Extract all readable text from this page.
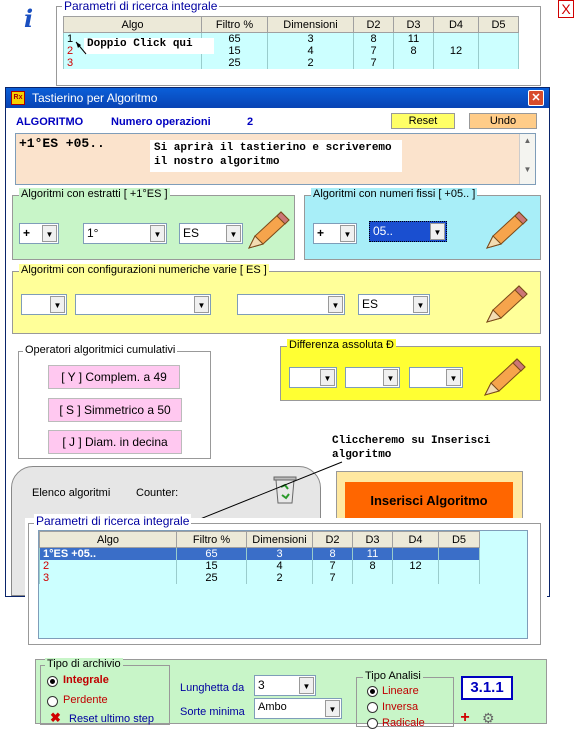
i	X
Parametri di ricerca integrale
Algo	Filtro %	Dimensioni	D2	D3	D4	D5
1	65	3	8	11		
2	15	4	7	8	12	
3	25	2	7			
Doppio Click qui
Rx Tastierino per Algoritmo	✕
ALGORITMO	Numero operazioni	2	Reset	Undo
+1°ES +05..	▲
▼
Si aprirà il tastierino e scriveremo il nostro algoritmo
Algoritmi con estratti [ +1°ES ]
+	▼	1°	▼	ES	▼
Algoritmi con numeri fissi [ +05.. ]
+	▼	05..	▼
Algoritmi con configurazioni numeriche varie [ ES ]
▼	▼	▼	ES	▼
Operatori algoritmici cumulativi
[ Y ] Complem. a 49
[ S ] Simmetrico a 50
[ J ] Diam. in decina
Differenza assoluta Ð
▼	▼	▼
Cliccheremo su Inserisci algoritmo
Elenco algoritmi Counter:	Inserisci Algoritmo
Parametri di ricerca integrale
Algo	Filtro %	Dimensioni	D2	D3	D4	D5
1°ES +05..	65	3	8	11		
2	15	4	7	8	12	
3	25	2	7			
Tipo di archivio
Integrale
Perdente
✖ Reset ultimo step
Lunghetta da	3	▼
Sorte minima	Ambo	▼
Tipo Analisi
Lineare
Inversa
Radicale
3.1.1
+ ⚙
